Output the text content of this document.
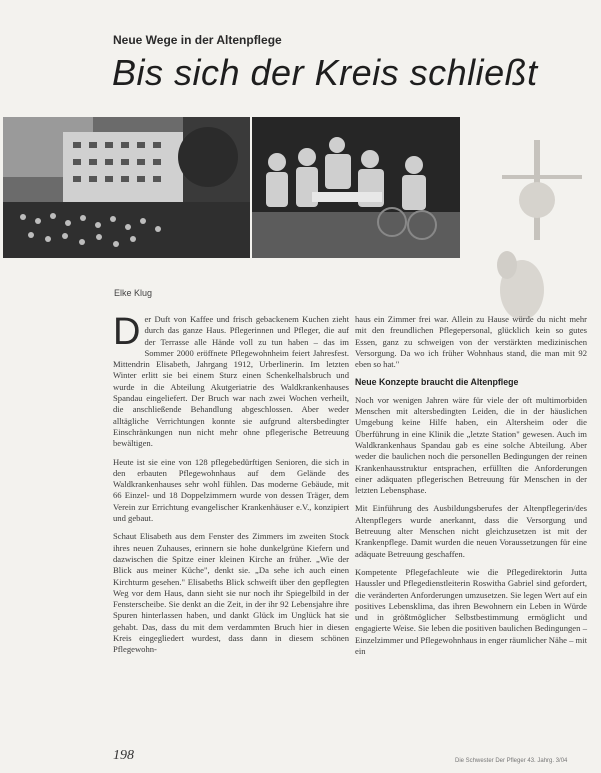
Neue Wege in der Altenpflege
Bis sich der Kreis schließt
Elke Klug

Der Duft von Kaffee und frisch gebackenem Kuchen zieht durch das ganze Haus. Pflegerinnen und Pfleger, die auf der Terrasse alle Hände voll zu tun haben – das im Sommer 2000 eröffnete Pflegewohnheim feiert Jahresfest. Mittendrin Elisabeth, Jahrgang 1912, Urberlinerin. Im letzten Winter erlitt sie bei einem Sturz einen Schenkelhalsbruch und wurde in die Abteilung Akutgeriatrie des Waldkrankenhauses Spandau eingeliefert. Der Bruch war nach zwei Wochen verheilt, die anschließende Behandlung abgeschlossen. Aber weder alltägliche Verrichtungen konnte sie aufgrund altersbedingter Einschränkungen nun nicht mehr ohne pflegerische Betreuung bewältigen.

Heute ist sie eine von 128 pflegebedürftigen Senioren, die sich in den erbauten Pflegewohnhaus auf dem Gelände des Waldkrankenhauses sehr wohl fühlen. Das moderne Gebäude, mit 66 Einzel- und 18 Doppelzimmern wurde von dessen Träger, dem Verein zur Errichtung evangelischer Krankenhäuser e.V., konzipiert und gebaut.

Schaut Elisabeth aus dem Fenster des Zimmers im zweiten Stock ihres neuen Zuhauses, erinnern sie hohe dunkelgrüne Kiefern und dazwischen die Spitze einer kleinen Kirche an früher. „Wie der Blick aus meiner Küche", denkt sie. „Da sehe ich auch einen Kirchturm gesehen." Elisabeths Blick schweift über den gepflegten Weg vor dem Haus, dann sieht sie nur noch ihr Spiegelbild in der Fensterscheibe. Sie denkt an die Zeit, in der ihr 92 Lebensjahre ihre Spuren hinterlassen haben, und dankt Glück im Unglück hat sie gehabt. Das, dass du mit dem verdammten Bruch hier in diesen Kreis eingegliedert wurdest, dass dann in diesem schönen Pflegewohn-

haus ein Zimmer frei war. Allein zu Hause würde du nicht mehr mit den freundlichen Pflegepersonal, glücklich kein so gutes Essen, ganz zu schweigen von der verstärkten medizinischen Versorgung. Da wo ich früher Wohnhaus stand, die man mit 92 eben so hat."

Neue Konzepte braucht die Altenpflege

Noch vor wenigen Jahren wäre für viele der oft multimorbiden Menschen mit altersbedingten Leiden, die in der häuslichen Umgebung keine Hilfe haben, ein Altersheim oder die Überführung in eine Klinik die „letzte Station" gewesen. Auch im Waldkrankenhaus Spandau gab es eine solche Abteilung. Aber weder die baulichen noch die personellen Bedingungen der reinen Krankenhausstruktur entsprachen, erfüllten die Anforderungen einer adäquaten pflegerischen Betreuung für Menschen in der letzten Lebensphase.

Mit Einführung des Ausbildungsberufes der Altenpflegerin/des Altenpflegers wurde anerkannt, dass die Versorgung und Betreuung alter Menschen nicht gleichzusetzen ist mit der Krankenpflege. Damit wurden die neuen Voraussetzungen für eine adäquate Betreuung geschaffen.

Kompetente Pflegefachleute wie die Pflegedirektorin Jutta Haussler und Pflegedienstleiterin Roswitha Gabriel sind gefordert, die veränderten Anforderungen umzusetzen. Sie legen Wert auf ein positives Lebensklima, das ihren Bewohnern ein Leben in Würde und in größtmöglicher Selbstbestimmung ermöglicht und engagierte Weise. Sie leben die positiven baulichen Bedingungen – Einzelzimmer und Pflegewohnhaus in enger räumlicher Nähe – mit ein

198	Die Schwester Der Pfleger 43. Jahrg. 3/04
